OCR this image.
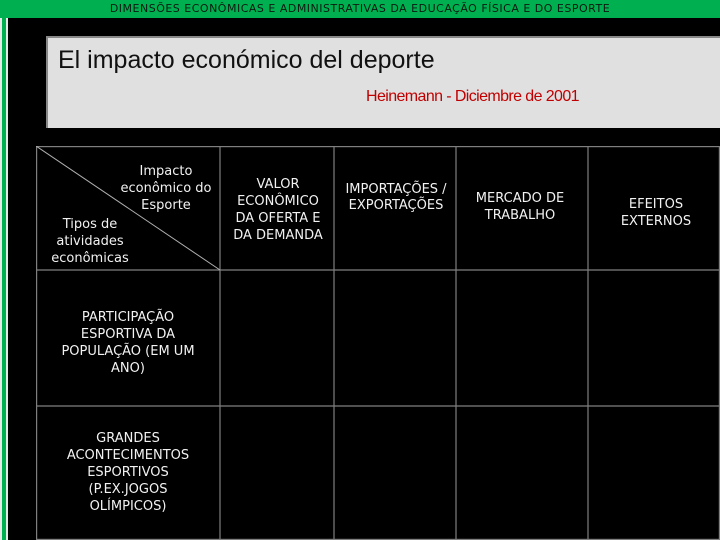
DIMENSÕES ECONÔMICAS E ADMINISTRATIVAS DA EDUCAÇÃO FÍSICA E DO ESPORTE
El impacto económico del deporte
Heinemann - Diciembre de 2001
Impacto econômico do Esporte
Tipos de atividades econômicas
VALOR ECONÔMICO DA OFERTA E DA DEMANDA
IMPORTAÇÕES / EXPORTAÇÕES	MERCADO DE TRABALHO
EFEITOS EXTERNOS
PARTICIPAÇÃO ESPORTIVA DA POPULAÇÃO (EM UM ANO)
GRANDES ACONTECIMENTOS ESPORTIVOS (P.EX.JOGOS OLÍMPICOS)
